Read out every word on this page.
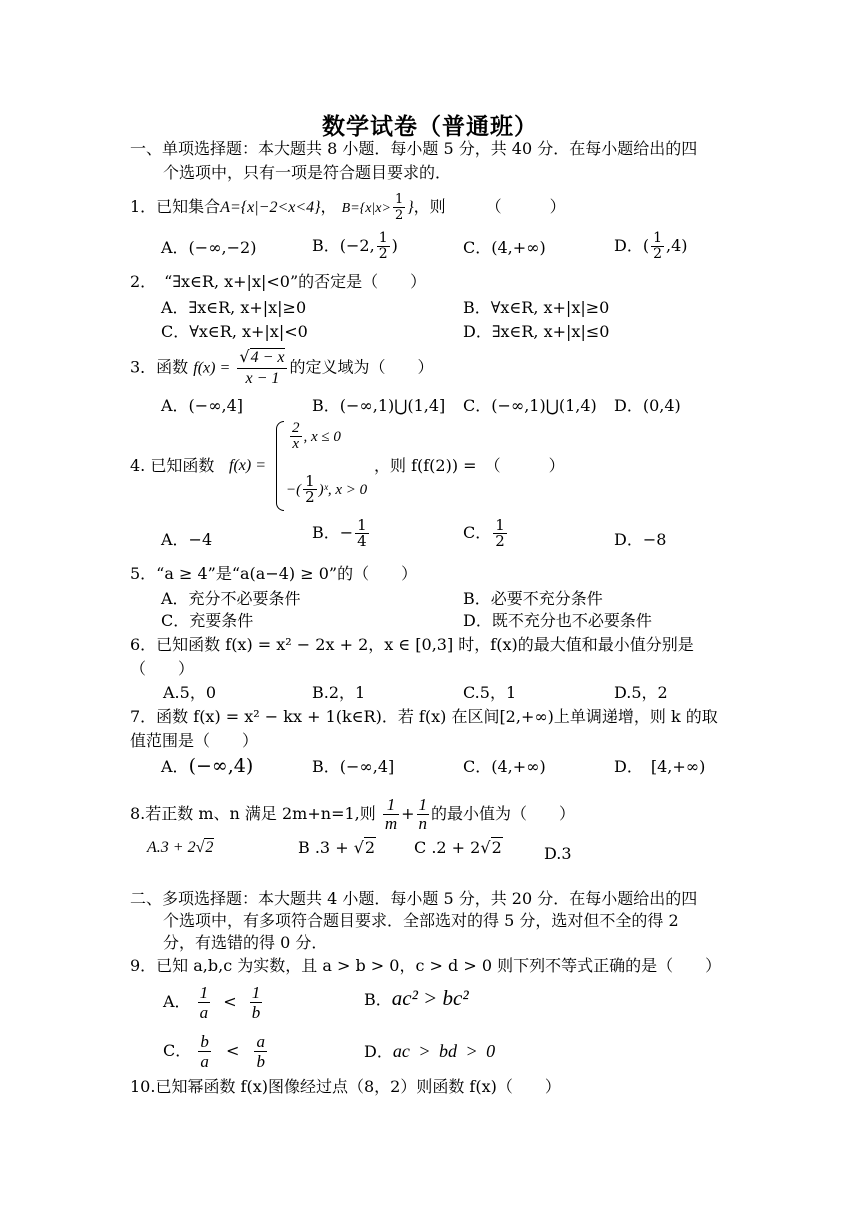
数学试卷（普通班）
一、单项选择题：本大题共 8 小题．每小题 5 分，共 40 分．在每小题给出的四
个选项中，只有一项是符合题目要求的．
1．已知集合A={x|−2<x<4}， $B=\{x|x> \frac{1}{2}$ }，则　　　（　　　）
A．(−∞,−2)	B．(−2, $\frac{1}{2}$ )	C．(4,+∞)	D．( $\frac{1}{2} ,4$)
2．　“∃x∈R, x+|x|<0”的否定是（　　）
A．∃x∈R, x+|x|≥0	B．∀x∈R, x+|x|≥0
C．∀x∈R, x+|x|<0	D．∃x∈R, x+|x|≤0
3．函数 $f(x) = \frac{√4 - x}{x - 1}$ 的定义域为（　　）
A．(−∞,4]	B．(−∞,1)⋃(1,4] C．(−∞,1)⋃(1,4) D．(0,4)
4. 已知函数 f(x) =
$\frac{2}{x}$ , x ≤ 0
−( $\frac{1}{2}$ )ˣ, x > 0
，则 f(f(2)) =　（　　　）
A．−4	B．− $\frac{1}{4}$	C． $\frac{1}{2}$	D．−8
5．“a ≥ 4”是“a(a−4) ≥ 0”的（　　）
A．充分不必要条件	B．必要不充分条件
C．充要条件	D．既不充分也不必要条件
6．已知函数 f(x) = x² − 2x + 2，x ∈ [0,3] 时，f(x)的最大值和最小值分别是
（　　）
A.5，0	B.2，1	C.5，1	D.5，2
7．函数 f(x) = x² − kx + 1(k∈R)．若 f(x) 在区间[2,+∞)上单调递增，则 k 的取
值范围是（　　）
A．(−∞,4)	B．(−∞,4]	C．(4,+∞)	D．　[4,+∞)
8.若正数 m、n 满足 2m+n=1,则 $\frac{1}{m} + \frac{1}{n}$ 的最小值为（　　）
A.3 + 2√2	B .3 + √2 C .2 + 2√2	D.3
二、多项选择题：本大题共 4 小题．每小题 5 分，共 20 分．在每小题给出的四
个选项中，有多项符合题目要求．全部选对的得 5 分，选对但不全的得 2
分，有选错的得 0 分．
9．已知 a,b,c 为实数，且 a > b > 0，c > d > 0 则下列不等式正确的是（　　）
A． $\frac{1}{a} < \frac{1}{b}$	B．ac² > bc²
C． $\frac{b}{a} < \frac{a}{b}$	D．ac > bd > 0
10.已知幂函数 f(x)图像经过点（8，2）则函数 f(x)（　　）
